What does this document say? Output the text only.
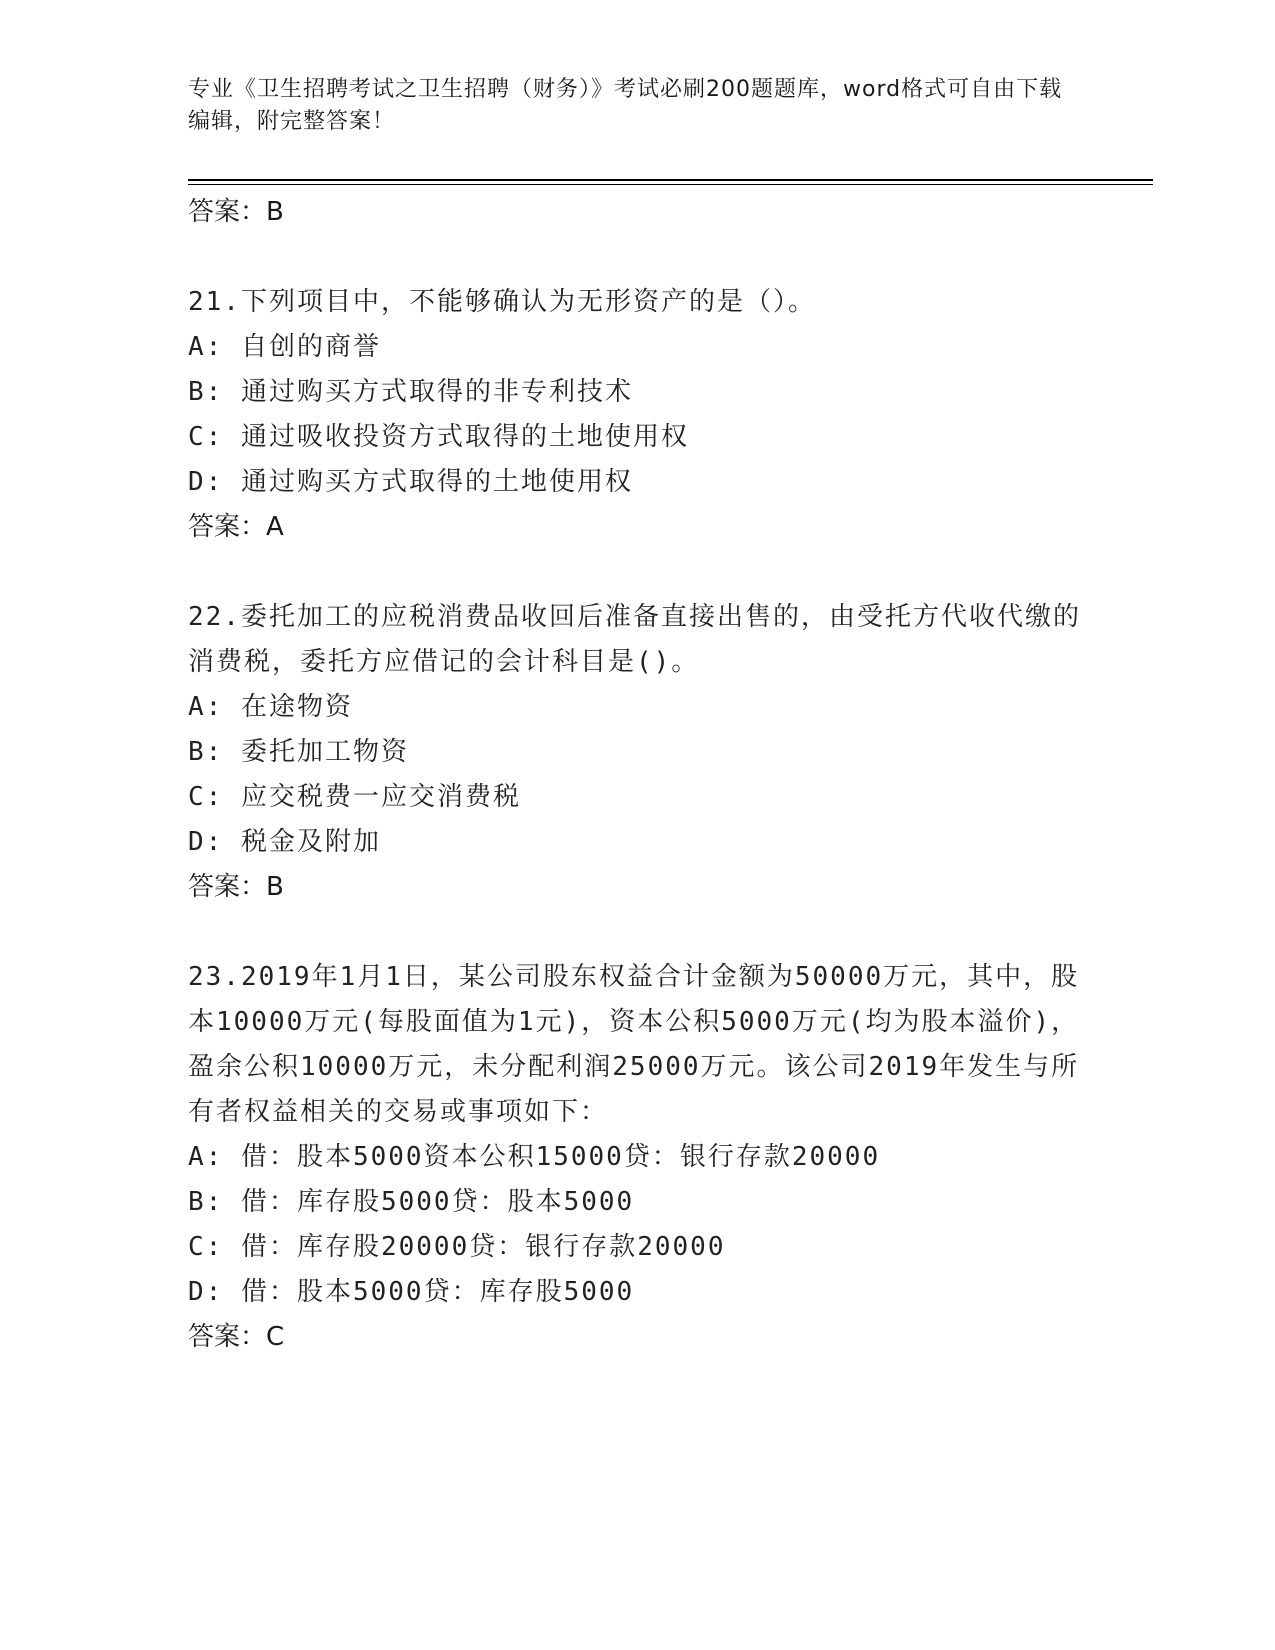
专业《卫生招聘考试之卫生招聘（财务）》考试必刷200题题库，word格式可自由下载编辑，附完整答案！
答案：B
21.下列项目中，不能够确认为无形资产的是（）。
A: 自创的商誉
B: 通过购买方式取得的非专利技术
C: 通过吸收投资方式取得的土地使用权
D: 通过购买方式取得的土地使用权
答案：A
22.委托加工的应税消费品收回后准备直接出售的，由受托方代收代缴的消费税，委托方应借记的会计科目是()。
A: 在途物资
B: 委托加工物资
C: 应交税费一应交消费税
D: 税金及附加
答案：B
23.2019年1月1日，某公司股东权益合计金额为50000万元，其中，股本10000万元(每股面值为1元)，资本公积5000万元(均为股本溢价)，盈余公积10000万元，未分配利润25000万元。该公司2019年发生与所有者权益相关的交易或事项如下：
A: 借：股本5000资本公积15000贷：银行存款20000
B: 借：库存股5000贷：股本5000
C: 借：库存股20000贷：银行存款20000
D: 借：股本5000贷：库存股5000
答案：C
